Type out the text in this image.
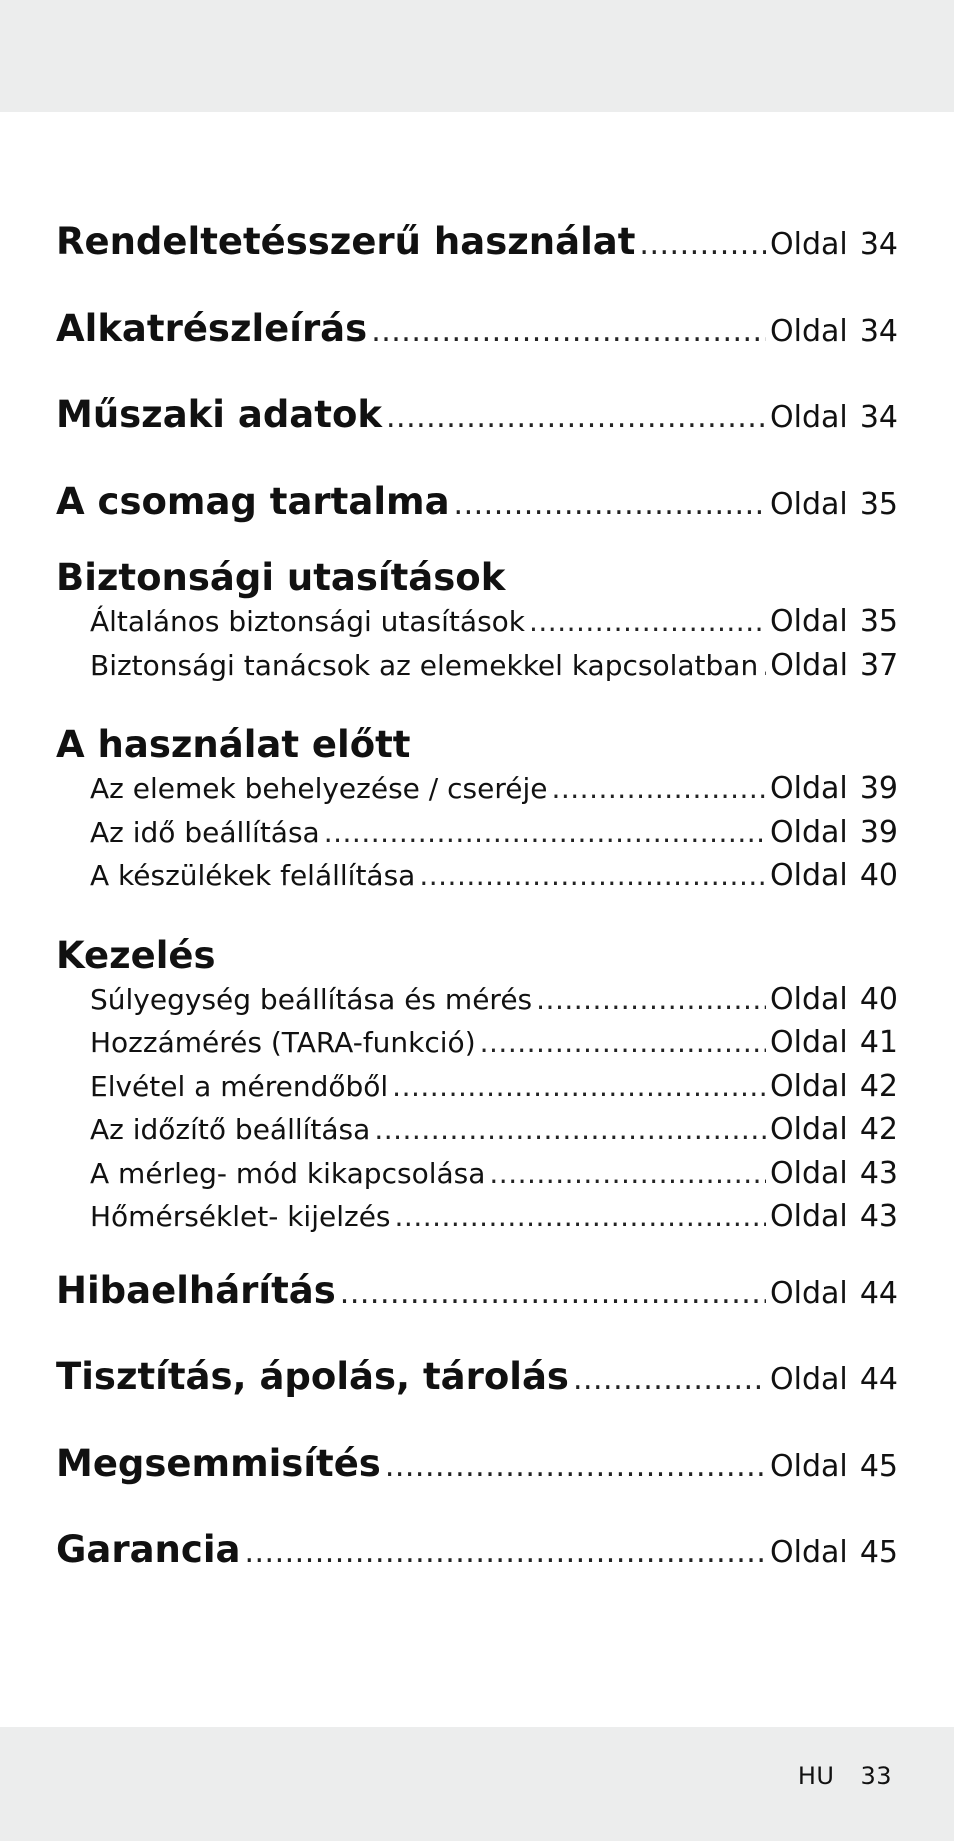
Rendeltetésszerű használat .....	Oldal 34
Alkatrészleírás .....	Oldal 34
Műszaki adatok .....	Oldal 34
A csomag tartalma .....	Oldal 35
Biztonsági utasítások
Általános biztonsági utasítások .....	Oldal 35
Biztonsági tanácsok az elemekkel kapcsolatban ..... Oldal 37
A használat előtt
Az elemek behelyezése / cseréje .....	Oldal 39
Az idő beállítása .....	Oldal 39
A készülékek felállítása .....	Oldal 40
Kezelés
Súlyegység beállítása és mérés .....	Oldal 40
Hozzámérés (TARA-funkció) .....	Oldal 41
Elvétel a mérendőből .....	Oldal 42
Az időzítő beállítása .....	Oldal 42
A mérleg- mód kikapcsolása .....	Oldal 43
Hőmérséklet- kijelzés .....	Oldal 43
Hibaelhárítás .....	Oldal 44
Tisztítás, ápolás, tárolás .....	Oldal 44
Megsemmisítés .....	Oldal 45
Garancia .....	Oldal 45
HU 33
